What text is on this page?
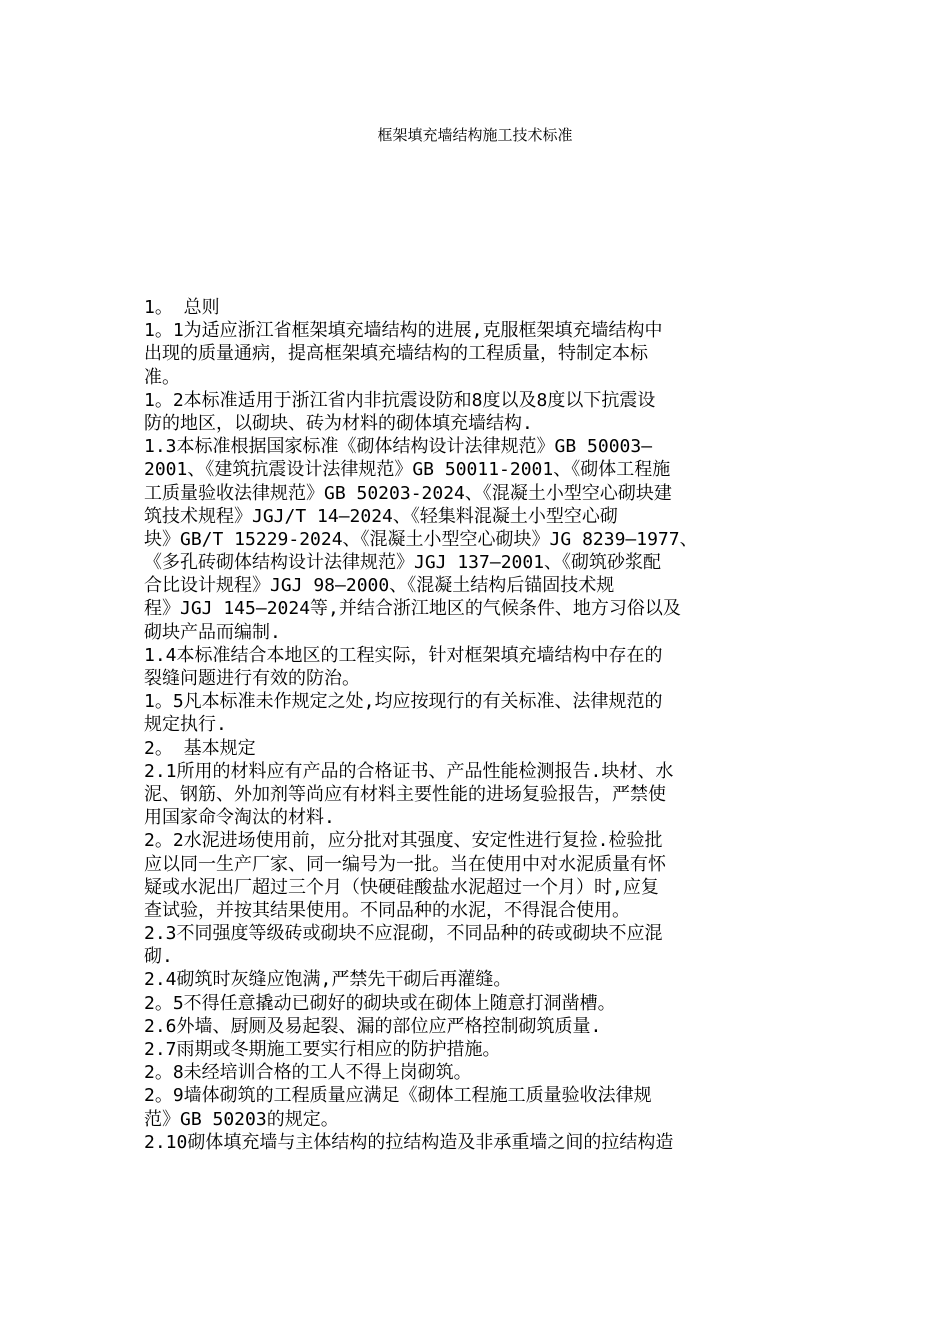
框架填充墙结构施工技术标准
1。 总则
1。1为适应浙江省框架填充墙结构的进展,克服框架填充墙结构中
出现的质量通病，提高框架填充墙结构的工程质量，特制定本标
准。
1。2本标准适用于浙江省内非抗震设防和8度以及8度以下抗震设
防的地区，以砌块、砖为材料的砌体填充墙结构.
1.3本标准根据国家标准《砌体结构设计法律规范》GB 50003—
2001、《建筑抗震设计法律规范》GB 50011-2001、《砌体工程施
工质量验收法律规范》GB 50203-2024、《混凝土小型空心砌块建
筑技术规程》JGJ/T 14—2024、《轻集料混凝土小型空心砌
块》GB/T 15229-2024、《混凝土小型空心砌块》JG 8239—1977、
《多孔砖砌体结构设计法律规范》JGJ 137—2001、《砌筑砂浆配
合比设计规程》JGJ 98—2000、《混凝土结构后锚固技术规
程》JGJ 145—2024等,并结合浙江地区的气候条件、地方习俗以及
砌块产品而编制.
1.4本标准结合本地区的工程实际，针对框架填充墙结构中存在的
裂缝问题进行有效的防治。
1。5凡本标准未作规定之处,均应按现行的有关标准、法律规范的
规定执行.
2。 基本规定
2.1所用的材料应有产品的合格证书、产品性能检测报告.块材、水
泥、钢筋、外加剂等尚应有材料主要性能的进场复验报告，严禁使
用国家命令淘汰的材料.
2。2水泥进场使用前，应分批对其强度、安定性进行复捡.检验批
应以同一生产厂家、同一编号为一批。当在使用中对水泥质量有怀
疑或水泥出厂超过三个月（快硬硅酸盐水泥超过一个月）时,应复
查试验，并按其结果使用。不同品种的水泥，不得混合使用。
2.3不同强度等级砖或砌块不应混砌，不同品种的砖或砌块不应混
砌.
2.4砌筑时灰缝应饱满,严禁先干砌后再灌缝。
2。5不得任意撬动已砌好的砌块或在砌体上随意打洞凿槽。
2.6外墙、厨厕及易起裂、漏的部位应严格控制砌筑质量.
2.7雨期或冬期施工要实行相应的防护措施。
2。8未经培训合格的工人不得上岗砌筑。
2。9墙体砌筑的工程质量应满足《砌体工程施工质量验收法律规
范》GB 50203的规定。
2.10砌体填充墙与主体结构的拉结构造及非承重墙之间的拉结构造
